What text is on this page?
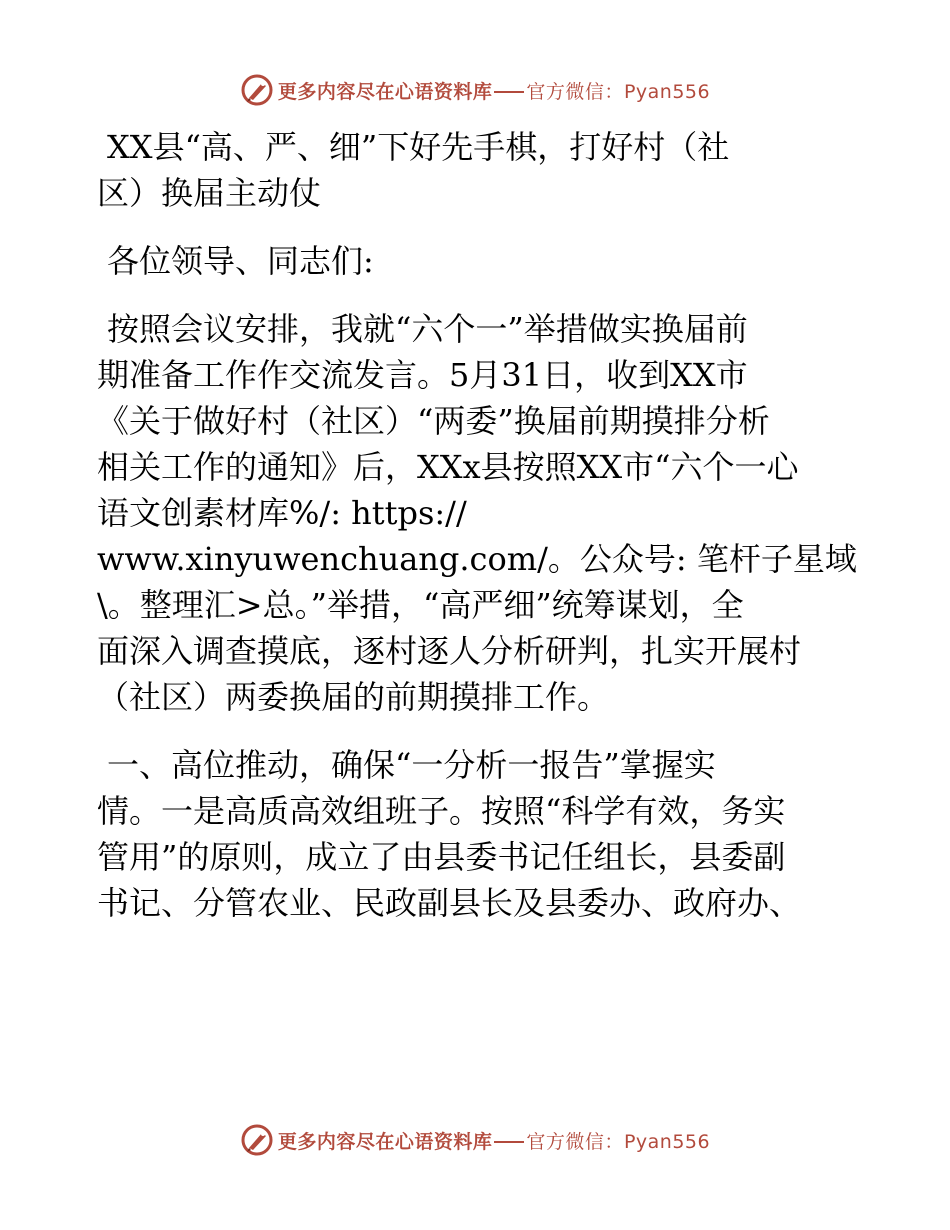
更多内容尽在心语资料库 官方微信：Pyan556

XX县“高、严、细”下好先手棋，打好村（社
区）换届主动仗

各位领导、同志们:

按照会议安排，我就“六个一”举措做实换届前
期准备工作作交流发言。5月31日，收到XX市
《关于做好村（社区）“两委”换届前期摸排分析
相关工作的通知》后，XXx县按照XX市“六个一心
语文创素材库%/: https://
www.xinyuwenchuang.com/。公众号: 笔杆子星域
\。整理汇>总。”举措，“高严细”统筹谋划，全
面深入调查摸底，逐村逐人分析研判，扎实开展村
（社区）两委换届的前期摸排工作。

一、高位推动，确保“一分析一报告”掌握实
情。一是高质高效组班子。按照“科学有效，务实
管用”的原则，成立了由县委书记任组长，县委副
书记、分管农业、民政副县长及县委办、政府办、

更多内容尽在心语资料库 官方微信：Pyan556
